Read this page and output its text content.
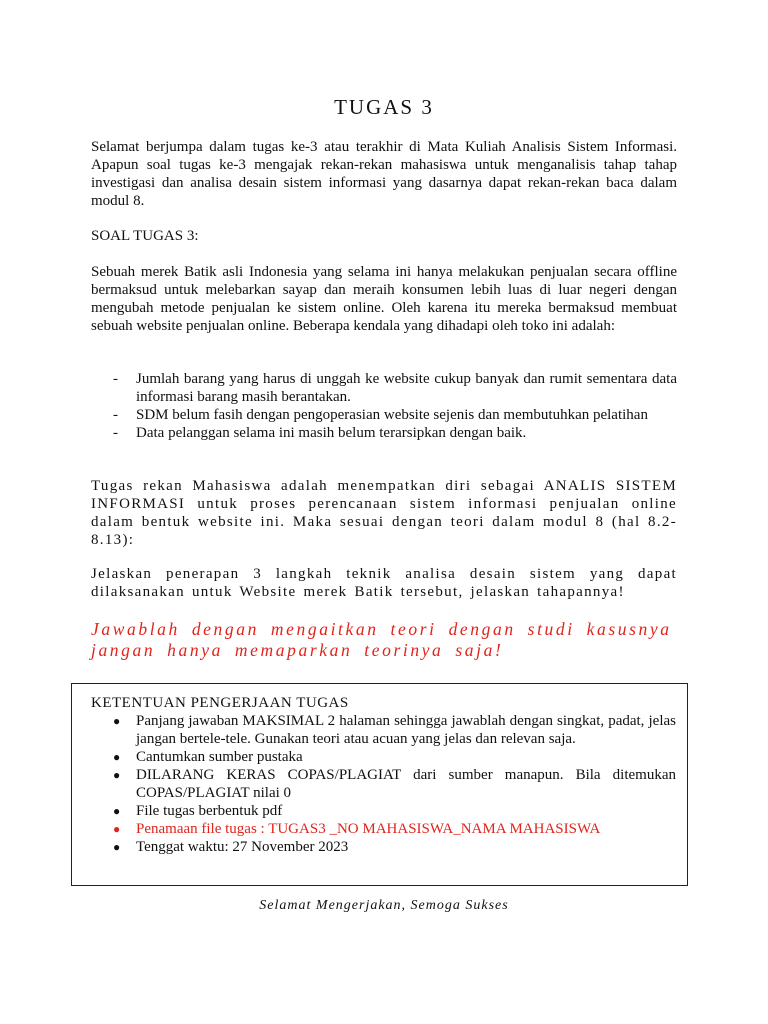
TUGAS 3

Selamat berjumpa dalam tugas ke-3 atau terakhir di Mata Kuliah Analisis Sistem Informasi. Apapun soal tugas ke-3 mengajak rekan-rekan mahasiswa untuk menganalisis tahap tahap investigasi dan analisa desain sistem informasi yang dasarnya dapat rekan-rekan baca dalam modul 8.

SOAL TUGAS 3:

Sebuah merek Batik asli Indonesia yang selama ini hanya melakukan penjualan secara offline bermaksud untuk melebarkan sayap dan meraih konsumen lebih luas di luar negeri dengan mengubah metode penjualan ke sistem online. Oleh karena itu mereka bermaksud membuat sebuah website penjualan online. Beberapa kendala yang dihadapi oleh toko ini adalah:

- Jumlah barang yang harus di unggah ke website cukup banyak dan rumit sementara data informasi barang masih berantakan.
- SDM belum fasih dengan pengoperasian website sejenis dan membutuhkan pelatihan
- Data pelanggan selama ini masih belum terarsipkan dengan baik.

Tugas rekan Mahasiswa adalah menempatkan diri sebagai ANALIS SISTEM INFORMASI untuk proses perencanaan sistem informasi penjualan online dalam bentuk website ini. Maka sesuai dengan teori dalam modul 8 (hal 8.2-8.13):

Jelaskan penerapan 3 langkah teknik analisa desain sistem yang dapat dilaksanakan untuk Website merek Batik tersebut, jelaskan tahapannya!

Jawablah dengan mengaitkan teori dengan studi kasusnya jangan hanya memaparkan teorinya saja!

KETENTUAN PENGERJAAN TUGAS
● Panjang jawaban MAKSIMAL 2 halaman sehingga jawablah dengan singkat, padat, jelas jangan bertele-tele. Gunakan teori atau acuan yang jelas dan relevan saja.
● Cantumkan sumber pustaka
● DILARANG KERAS COPAS/PLAGIAT dari sumber manapun. Bila ditemukan COPAS/PLAGIAT nilai 0
● File tugas berbentuk pdf
● Penamaan file tugas : TUGAS3 _NO MAHASISWA_NAMA MAHASISWA
● Tenggat waktu: 27 November 2023
Selamat Mengerjakan, Semoga Sukses
